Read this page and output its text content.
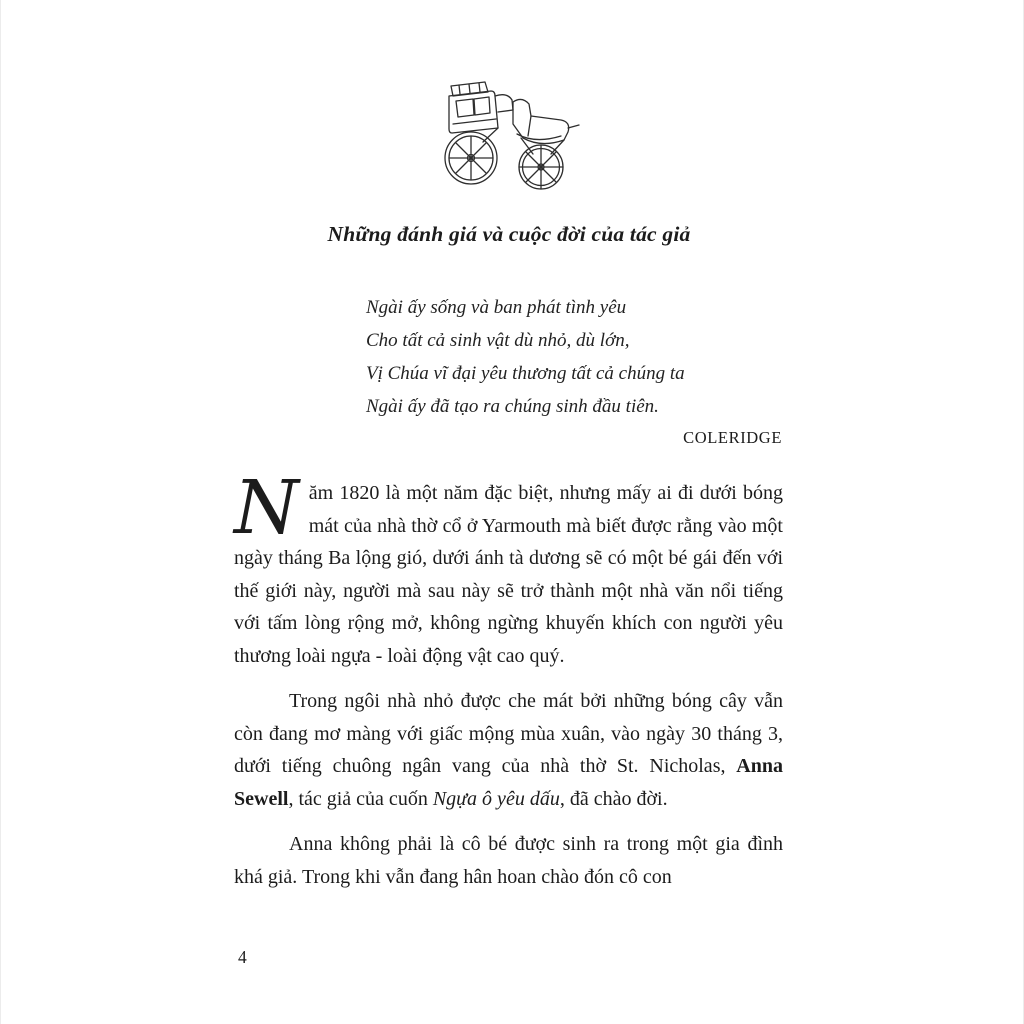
Những đánh giá và cuộc đời của tác giả
Ngài ấy sống và ban phát tình yêu
Cho tất cả sinh vật dù nhỏ, dù lớn,
Vị Chúa vĩ đại yêu thương tất cả chúng ta
Ngài ấy đã tạo ra chúng sinh đầu tiên.
COLERIDGE

Năm 1820 là một năm đặc biệt, nhưng mấy ai đi dưới bóng mát của nhà thờ cổ ở Yarmouth mà biết được rằng vào một ngày tháng Ba lộng gió, dưới ánh tà dương sẽ có một bé gái đến với thế giới này, người mà sau này sẽ trở thành một nhà văn nổi tiếng với tấm lòng rộng mở, không ngừng khuyến khích con người yêu thương loài ngựa - loài động vật cao quý.

Trong ngôi nhà nhỏ được che mát bởi những bóng cây vẫn còn đang mơ màng với giấc mộng mùa xuân, vào ngày 30 tháng 3, dưới tiếng chuông ngân vang của nhà thờ St. Nicholas, Anna Sewell, tác giả của cuốn Ngựa ô yêu dấu, đã chào đời.

Anna không phải là cô bé được sinh ra trong một gia đình khá giả. Trong khi vẫn đang hân hoan chào đón cô con

4
